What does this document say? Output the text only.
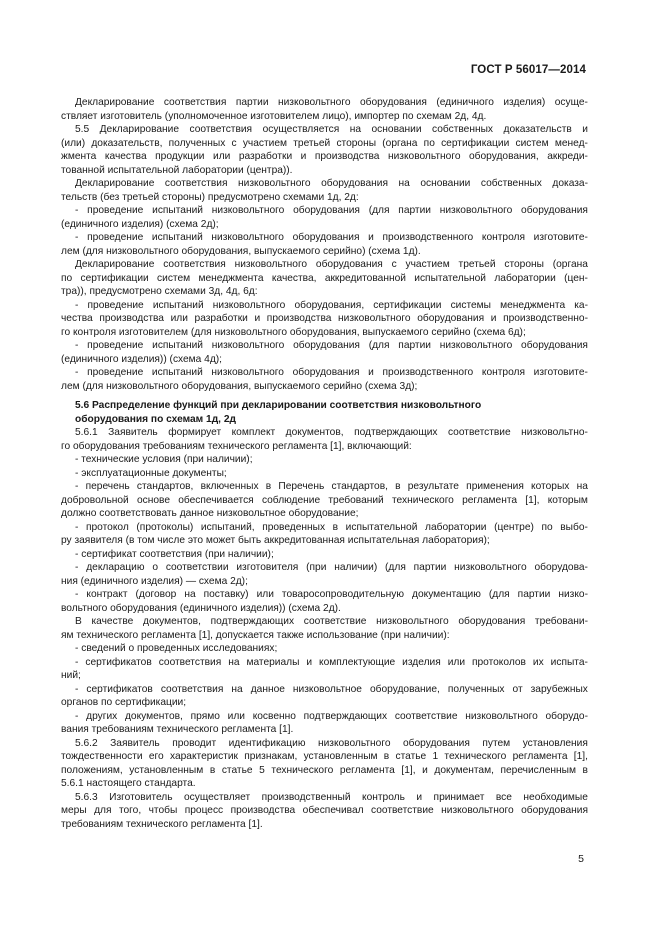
ГОСТ Р 56017—2014
Декларирование соответствия партии низковольтного оборудования (единичного изделия) осуще-
ствляет изготовитель (уполномоченное изготовителем лицо), импортер по схемам 2д, 4д.
5.5 Декларирование соответствия осуществляется на основании собственных доказательств и
(или) доказательств, полученных с участием третьей стороны (органа по сертификации систем менед-
жмента качества продукции или разработки и производства низковольтного оборудования, аккреди-
тованной испытательной лаборатории (центра)).
Декларирование соответствия низковольтного оборудования на основании собственных доказа-
тельств (без третьей стороны) предусмотрено схемами 1д, 2д:
- проведение испытаний низковольтного оборудования (для партии низковольтного оборудования
(единичного изделия) (схема 2д);
- проведение испытаний низковольтного оборудования и производственного контроля изготовите-
лем (для низковольтного оборудования, выпускаемого серийно) (схема 1д).
Декларирование соответствия низковольтного оборудования с участием третьей стороны (органа
по сертификации систем менеджмента качества, аккредитованной испытательной лаборатории (цен-
тра)), предусмотрено схемами 3д, 4д, 6д:
- проведение испытаний низковольтного оборудования, сертификации системы менеджмента ка-
чества производства или разработки и производства низковольтного оборудования и производственно-
го контроля изготовителем (для низковольтного оборудования, выпускаемого серийно (схема 6д);
- проведение испытаний низковольтного оборудования (для партии низковольтного оборудования
(единичного изделия)) (схема 4д);
- проведение испытаний низковольтного оборудования и производственного контроля изготовите-
лем (для низковольтного оборудования, выпускаемого серийно (схема 3д);
5.6 Распределение функций при декларировании соответствия низковольтного
оборудования по схемам 1д, 2д
5.6.1 Заявитель формирует комплект документов, подтверждающих соответствие низковольтно-
го оборудования требованиям технического регламента [1], включающий:
- технические условия (при наличии);
- эксплуатационные документы;
- перечень стандартов, включенных в Перечень стандартов, в результате применения которых на
добровольной основе обеспечивается соблюдение требований технического регламента [1], которым
должно соответствовать данное низковольтное оборудование;
- протокол (протоколы) испытаний, проведенных в испытательной лаборатории (центре) по выбо-
ру заявителя (в том числе это может быть аккредитованная испытательная лаборатория);
- сертификат соответствия (при наличии);
- декларацию о соответствии изготовителя (при наличии) (для партии низковольтного оборудова-
ния (единичного изделия) — схема 2д);
- контракт (договор на поставку) или товаросопроводительную документацию (для партии низко-
вольтного оборудования (единичного изделия)) (схема 2д).
В качестве документов, подтверждающих соответствие низковольтного оборудования требовани-
ям технического регламента [1], допускается также использование (при наличии):
- сведений о проведенных исследованиях;
- сертификатов соответствия на материалы и комплектующие изделия или протоколов их испыта-
ний;
- сертификатов соответствия на данное низковольтное оборудование, полученных от зарубежных
органов по сертификации;
- других документов, прямо или косвенно подтверждающих соответствие низковольтного оборудо-
вания требованиям технического регламента [1].
5.6.2 Заявитель проводит идентификацию низковольтного оборудования путем установления
тождественности его характеристик признакам, установленным в статье 1 технического регламента [1],
положениям, установленным в статье 5 технического регламента [1], и документам, перечисленным в
5.6.1 настоящего стандарта.
5.6.3 Изготовитель осуществляет производственный контроль и принимает все необходимые
меры для того, чтобы процесс производства обеспечивал соответствие низковольтного оборудования
требованиям технического регламента [1].
5
